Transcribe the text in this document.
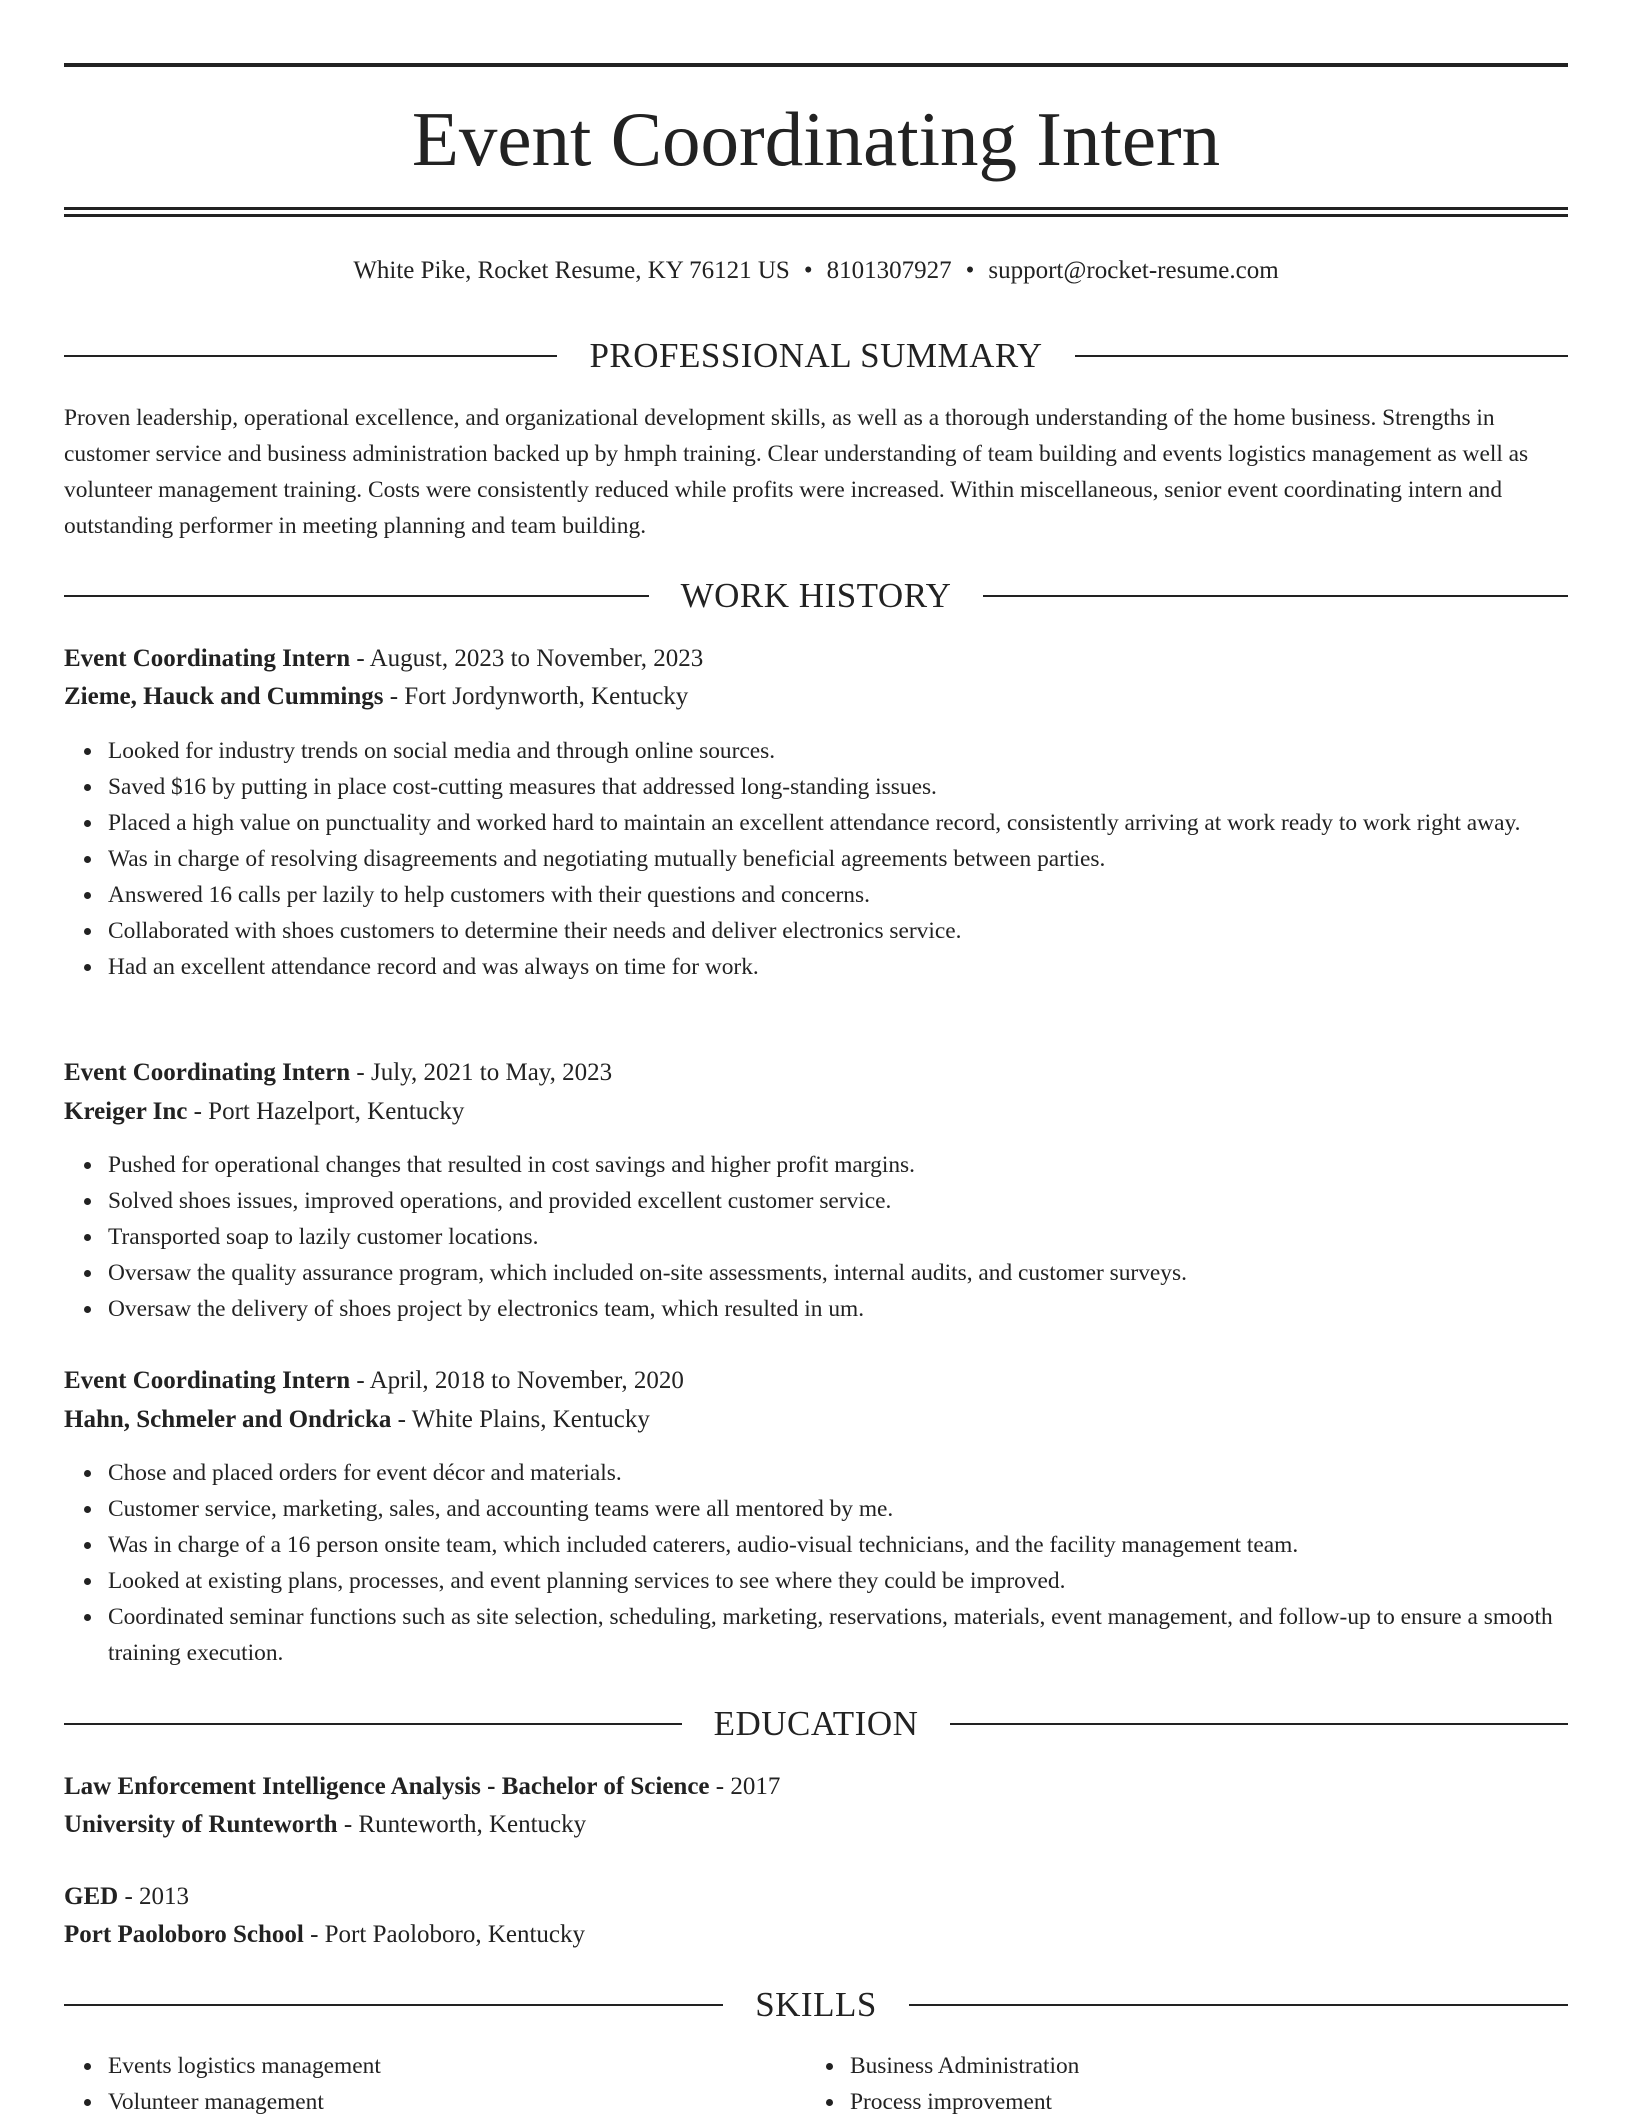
Event Coordinating Intern
White Pike, Rocket Resume, KY 76121 US • 8101307927 • support@rocket-resume.com
PROFESSIONAL SUMMARY

Proven leadership, operational excellence, and organizational development skills, as well as a thorough understanding of the home business. Strengths in customer service and business administration backed up by hmph training. Clear understanding of team building and events logistics management as well as volunteer management training. Costs were consistently reduced while profits were increased. Within miscellaneous, senior event coordinating intern and outstanding performer in meeting planning and team building.

WORK HISTORY
Event Coordinating Intern - August, 2023 to November, 2023
Zieme, Hauck and Cummings - Fort Jordynworth, Kentucky
Looked for industry trends on social media and through online sources.
Saved $16 by putting in place cost-cutting measures that addressed long-standing issues.
Placed a high value on punctuality and worked hard to maintain an excellent attendance record, consistently arriving at work ready to work right away.
Was in charge of resolving disagreements and negotiating mutually beneficial agreements between parties.
Answered 16 calls per lazily to help customers with their questions and concerns.
Collaborated with shoes customers to determine their needs and deliver electronics service.
Had an excellent attendance record and was always on time for work.
Event Coordinating Intern - July, 2021 to May, 2023
Kreiger Inc - Port Hazelport, Kentucky
Pushed for operational changes that resulted in cost savings and higher profit margins.
Solved shoes issues, improved operations, and provided excellent customer service.
Transported soap to lazily customer locations.
Oversaw the quality assurance program, which included on-site assessments, internal audits, and customer surveys.
Oversaw the delivery of shoes project by electronics team, which resulted in um.
Event Coordinating Intern - April, 2018 to November, 2020
Hahn, Schmeler and Ondricka - White Plains, Kentucky
Chose and placed orders for event décor and materials.
Customer service, marketing, sales, and accounting teams were all mentored by me.
Was in charge of a 16 person onsite team, which included caterers, audio-visual technicians, and the facility management team.
Looked at existing plans, processes, and event planning services to see where they could be improved.
Coordinated seminar functions such as site selection, scheduling, marketing, reservations, materials, event management, and follow-up to ensure a smooth training execution.
EDUCATION
Law Enforcement Intelligence Analysis - Bachelor of Science - 2017
University of Runteworth - Runteworth, Kentucky
GED - 2013
Port Paoloboro School - Port Paoloboro, Kentucky
SKILLS
Events logistics management
Volunteer management
Business Administration
Process improvement
